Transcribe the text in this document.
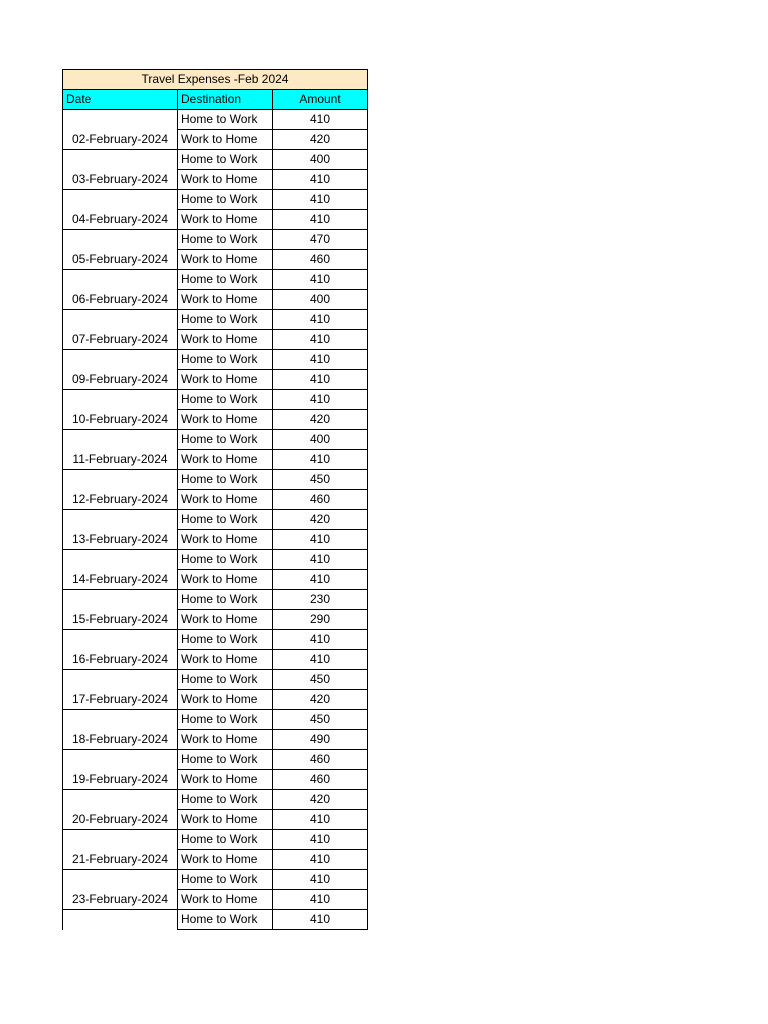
Travel Expenses -Feb 2024		
Date	Destination	Amount
02-February-2024	Home to Work	410
	Work to Home	420
03-February-2024	Home to Work	400
	Work to Home	410
04-February-2024	Home to Work	410
	Work to Home	410
05-February-2024	Home to Work	470
	Work to Home	460
06-February-2024	Home to Work	410
	Work to Home	400
07-February-2024	Home to Work	410
	Work to Home	410
09-February-2024	Home to Work	410
	Work to Home	410
10-February-2024	Home to Work	410
	Work to Home	420
11-February-2024	Home to Work	400
	Work to Home	410
12-February-2024	Home to Work	450
	Work to Home	460
13-February-2024	Home to Work	420
	Work to Home	410
14-February-2024	Home to Work	410
	Work to Home	410
15-February-2024	Home to Work	230
	Work to Home	290
16-February-2024	Home to Work	410
	Work to Home	410
17-February-2024	Home to Work	450
	Work to Home	420
18-February-2024	Home to Work	450
	Work to Home	490
19-February-2024	Home to Work	460
	Work to Home	460
20-February-2024	Home to Work	420
	Work to Home	410
21-February-2024	Home to Work	410
	Work to Home	410
23-February-2024	Home to Work	410
	Work to Home	410
	Home to Work	410
